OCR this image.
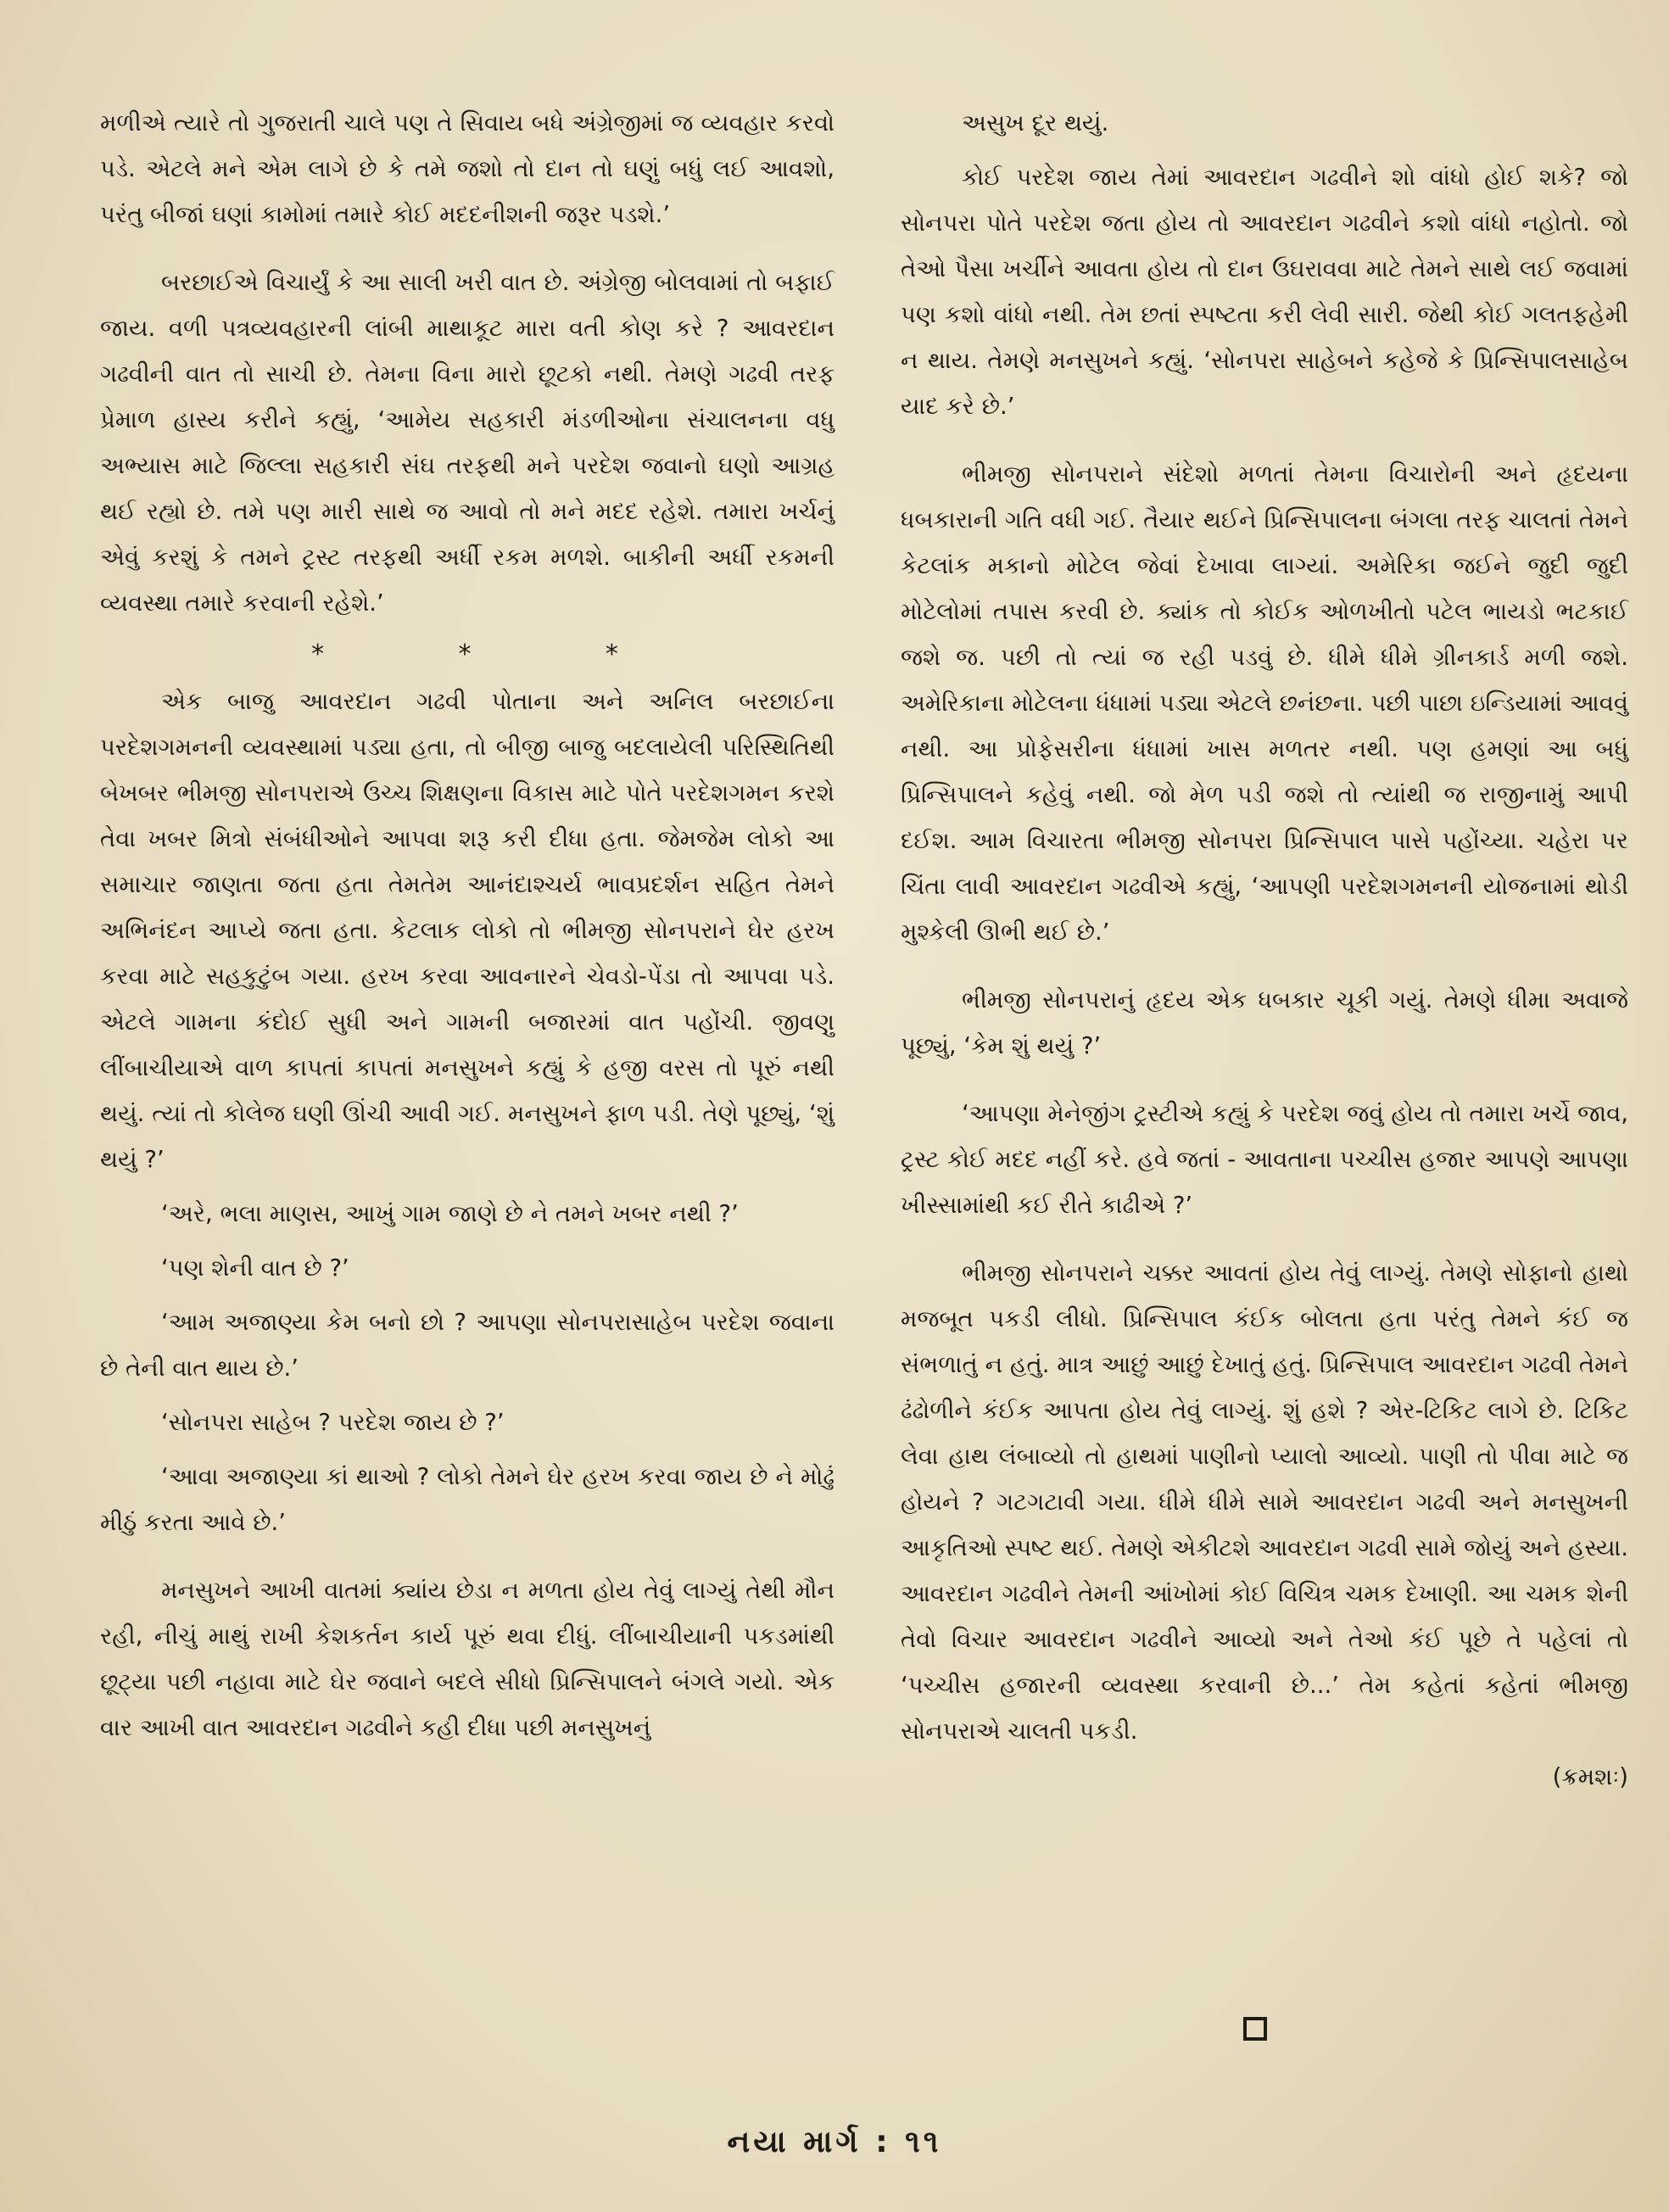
મળીએ ત્યારે તો ગુજરાતી ચાલે પણ તે સિવાય બધે અંગ્રેજીમાં જ વ્યવહાર કરવો પડે. એટલે મને એમ લાગે છે કે તમે જશો તો દાન તો ઘણું બધું લઈ આવશો, પરંતુ બીજાં ઘણાં કામોમાં તમારે કોઈ મદદનીશની જરૂર પડશે.’

બરછાઈએ વિચાર્યું કે આ સાલી ખરી વાત છે. અંગ્રેજી બોલવામાં તો બફાઈ જાય. વળી પત્રવ્યવહારની લાંબી માથાકૂટ મારા વતી કોણ કરે ? આવરદાન ગઢવીની વાત તો સાચી છે. તેમના વિના મારો છૂટકો નથી. તેમણે ગઢવી તરફ પ્રેમાળ હાસ્ય કરીને કહ્યું, ‘આમેય સહકારી મંડળીઓના સંચાલનના વધુ અભ્યાસ માટે જિલ્લા સહકારી સંઘ તરફથી મને પરદેશ જવાનો ઘણો આગ્રહ થઈ રહ્યો છે. તમે પણ મારી સાથે જ આવો તો મને મદદ રહેશે. તમારા ખર્ચનું એવું કરશું કે તમને ટ્રસ્ટ તરફથી અર્ધી રકમ મળશે. બાકીની અર્ધી રકમની વ્યવસ્થા તમારે કરવાની રહેશે.’

*	*	*

એક બાજુ આવરદાન ગઢવી પોતાના અને અનિલ બરછાઈના પરદેશગમનની વ્યવસ્થામાં પડ્યા હતા, તો બીજી બાજુ બદલાયેલી પરિસ્થિતિથી બેખબર ભીમજી સોનપરાએ ઉચ્ચ શિક્ષણના વિકાસ માટે પોતે પરદેશગમન કરશે તેવા ખબર મિત્રો સંબંધીઓને આપવા શરૂ કરી દીધા હતા. જેમજેમ લોકો આ સમાચાર જાણતા જતા હતા તેમતેમ આનંદાશ્ચર્ય ભાવપ્રદર્શન સહિત તેમને અભિનંદન આપ્યે જતા હતા. કેટલાક લોકો તો ભીમજી સોનપરાને ઘેર હરખ કરવા માટે સહકુટુંબ ગયા. હરખ કરવા આવનારને ચેવડો-પેંડા તો આપવા પડે. એટલે ગામના કંદોઈ સુધી અને ગામની બજારમાં વાત પહોંચી. જીવણુ લીંબાચીયાએ વાળ કાપતાં કાપતાં મનસુખને કહ્યું કે હજી વરસ તો પૂરું નથી થયું. ત્યાં તો કોલેજ ઘણી ઊંચી આવી ગઈ. મનસુખને ફાળ પડી. તેણે પૂછ્યું, ‘શું થયું ?’

‘અરે, ભલા માણસ, આખું ગામ જાણે છે ને તમને ખબર નથી ?’

‘પણ શેની વાત છે ?’

‘આમ અજાણ્યા કેમ બનો છો ? આપણા સોનપરાસાહેબ પરદેશ જવાના છે તેની વાત થાય છે.’

‘સોનપરા સાહેબ ? પરદેશ જાય છે ?’

‘આવા અજાણ્યા કાં થાઓ ? લોકો તેમને ઘેર હરખ કરવા જાય છે ને મોઢું મીઠું કરતા આવે છે.’

મનસુખને આખી વાતમાં ક્યાંય છેડા ન મળતા હોય તેવું લાગ્યું તેથી મૌન રહી, નીચું માથું રાખી કેશકર્તન કાર્ય પૂરું થવા દીધું. લીંબાચીયાની પકડમાંથી છૂટ્યા પછી નહાવા માટે ઘેર જવાને બદલે સીધો પ્રિન્સિપાલને બંગલે ગયો. એક વાર આખી વાત આવરદાન ગઢવીને કહી દીધા પછી મનસુખનું

અસુખ દૂર થયું.

કોઈ પરદેશ જાય તેમાં આવરદાન ગઢવીને શો વાંધો હોઈ શકે? જો સોનપરા પોતે પરદેશ જતા હોય તો આવરદાન ગઢવીને કશો વાંધો નહોતો. જો તેઓ પૈસા ખર્ચીને આવતા હોય તો દાન ઉઘરાવવા માટે તેમને સાથે લઈ જવામાં પણ કશો વાંધો નથી. તેમ છતાં સ્પષ્ટતા કરી લેવી સારી. જેથી કોઈ ગલતફહેમી ન થાય. તેમણે મનસુખને કહ્યું. ‘સોનપરા સાહેબને કહેજે કે પ્રિન્સિપાલસાહેબ યાદ કરે છે.’

ભીમજી સોનપરાને સંદેશો મળતાં તેમના વિચારોની અને હૃદયના ધબકારાની ગતિ વધી ગઈ. તૈયાર થઈને પ્રિન્સિપાલના બંગલા તરફ ચાલતાં તેમને કેટલાંક મકાનો મોટેલ જેવાં દેખાવા લાગ્યાં. અમેરિકા જઈને જુદી જુદી મોટેલોમાં તપાસ કરવી છે. ક્યાંક તો કોઈક ઓળખીતો પટેલ ભાયડો ભટકાઈ જશે જ. પછી તો ત્યાં જ રહી પડવું છે. ધીમે ધીમે ગ્રીનકાર્ડ મળી જશે. અમેરિકાના મોટેલના ધંધામાં પડ્યા એટલે છનંછના. પછી પાછા ઇન્ડિયામાં આવવું નથી. આ પ્રોફેસરીના ધંધામાં ખાસ મળતર નથી. પણ હમણાં આ બધું પ્રિન્સિપાલને કહેવું નથી. જો મેળ પડી જશે તો ત્યાંથી જ રાજીનામું આપી દઈશ. આમ વિચારતા ભીમજી સોનપરા પ્રિન્સિપાલ પાસે પહોંચ્યા. ચહેરા પર ચિંતા લાવી આવરદાન ગઢવીએ કહ્યું, ‘આપણી પરદેશગમનની યોજનામાં થોડી મુશ્કેલી ઊભી થઈ છે.’

ભીમજી સોનપરાનું હૃદય એક ધબકાર ચૂકી ગયું. તેમણે ધીમા અવાજે પૂછ્યું, ‘કેમ શું થયું ?’

‘આપણા મેનેજીંગ ટ્રસ્ટીએ કહ્યું કે પરદેશ જવું હોય તો તમારા ખર્ચે જાવ, ટ્રસ્ટ કોઈ મદદ નહીં કરે. હવે જતાં - આવતાના પચ્ચીસ હજાર આપણે આપણા ખીસ્સામાંથી કઈ રીતે કાઢીએ ?’

ભીમજી સોનપરાને ચક્કર આવતાં હોય તેવું લાગ્યું. તેમણે સોફાનો હાથો મજબૂત પકડી લીધો. પ્રિન્સિપાલ કંઈક બોલતા હતા પરંતુ તેમને કંઈ જ સંભળાતું ન હતું. માત્ર આછું આછું દેખાતું હતું. પ્રિન્સિપાલ આવરદાન ગઢવી તેમને ઢંઢોળીને કંઈક આપતા હોય તેવું લાગ્યું. શું હશે ? એર-ટિકિટ લાગે છે. ટિકિટ લેવા હાથ લંબાવ્યો તો હાથમાં પાણીનો પ્યાલો આવ્યો. પાણી તો પીવા માટે જ હોયને ? ગટગટાવી ગયા. ધીમે ધીમે સામે આવરદાન ગઢવી અને મનસુખની આકૃતિઓ સ્પષ્ટ થઈ. તેમણે એકીટશે આવરદાન ગઢવી સામે જોયું અને હસ્યા. આવરદાન ગઢવીને તેમની આંખોમાં કોઈ વિચિત્ર ચમક દેખાણી. આ ચમક શેની તેવો વિચાર આવરદાન ગઢવીને આવ્યો અને તેઓ કંઈ પૂછે તે પહેલાં તો ‘પચ્ચીસ હજારની વ્યવસ્થા કરવાની છે...’ તેમ કહેતાં કહેતાં ભીમજી સોનપરાએ ચાલતી પકડી.

(ક્રમશઃ)

નયા માર્ગ : ૧૧
